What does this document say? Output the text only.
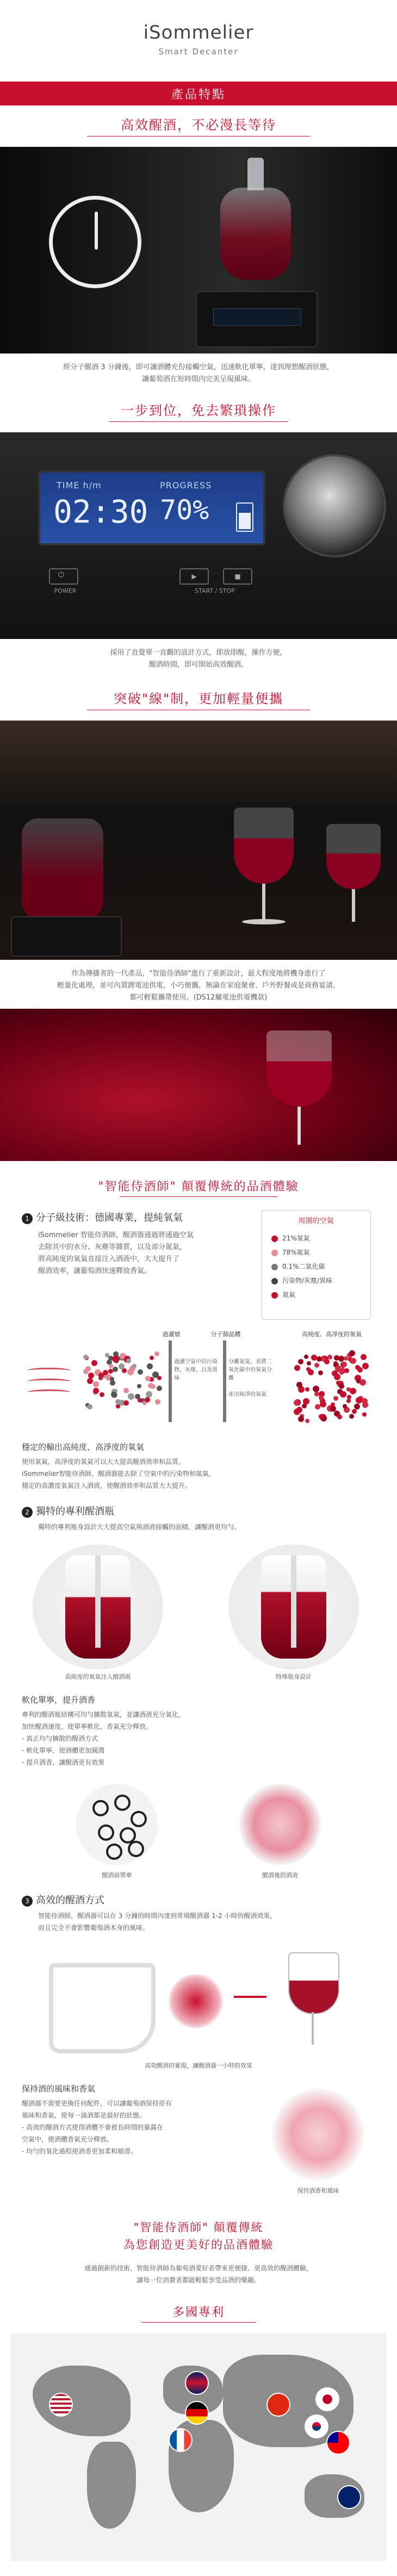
iSommelier
Smart Decanter
產品特點
高效醒酒，不必漫長等待
經分子醒酒 3 分鐘後，即可讓酒體充份接觸空氣，迅速軟化單寧，達到理想醒酒狀態，
讓葡萄酒在短時間內完美呈現風味。
一步到位，免去繁瑣操作
TIME h/m	PROGRESS
02:30 70%
⏻
POWER
▶	■
START / STOP
採用了直覺單一直觀的設計方式，即放即醒，操作方便，
醒酒時間，即可開始高效醒酒。
突破"線"制，更加輕量便攜
作為傳播者的一代產品，"智能侍酒師"進行了重新設計，最大程度地將機身進行了
輕量化處理，並可內置鋰電池供電，小巧便攜，無論在家庭聚會、戶外野餐或是商務宴請，
都可輕鬆攜帶使用。(DS12屬電池供電機款)
"智能侍酒師" 顛覆傳統的品酒體驗
1 分子級技術：德國專業，提純氧氣
iSommelier 智能侍酒師，醒酒器通過將通過空氣
去除其中的水分、灰塵等雜質，以及部分氮氣，
將高純度的氧氣直接注入酒液中，大大提升了
醒酒效率，讓葡萄酒快速釋放香氣。
周圍的空氣
21%氧氣
78%氮氣
0.1%二氧化碳
污染物/灰塵/異味
氮氣
過濾層	分子篩晶體
過濾空氣中的污染物，灰塵，以及異味
分離氮氣，並將二氧化碳中的氧氣分離
產出純淨的氧氣
高純度、高淨度的氧氣
穩定的輸出高純度、高淨度的氧氣
使用氧氣，高淨度的氧氣可以大大提高醒酒效率和品質。
iSommelier智能侍酒師，醒酒器能去除了空氣中的污染物和氮氣，
穩定的高濃度氧氣注入酒液，使醒酒效率和品質大大提升。
2 獨特的專利醒酒瓶
獨特的專利瓶身設計大大提高空氣與酒液接觸的面積，讓醒酒更均勻。
高純度的氧氣注入醒酒瓶	特殊瓶身設計
軟化單寧，提升酒香
專利的醒酒瓶結構可均勻擴散氧氣，並讓酒液充分氧化，
加快醒酒速度，使單寧軟化，香氣充分釋放。
- 真正均勻擴散的醒酒方式
- 軟化單寧，使酒體更加圓潤
- 提升酒香，讓醒酒更有效果
醒酒前單寧	醒酒後的酒液
3 高效的醒酒方式
智能侍酒師，醒酒器可以在 3 分鐘的時間內達到常規醒酒器 1-2 小時的醒酒效果，
而且完全不會影響葡萄酒本身的風味。
高效醒酒的實現，讓醒酒器一小時的效果
保持酒的風味和香氣
醒酒器不需要更換任何配件，可以讓葡萄酒保持原有
風味和香氣，使每一滴酒都是最好的狀態。
- 高效的醒酒方式使得酒體不會被長時間的暴露在
空氣中，使酒體香氣充分釋放。
- 均勻的氧化過程使酒香更加柔和順滑。
保持酒香和風味
"智能侍酒師" 顛覆傳統
為您創造更美好的品酒體驗
通過創新的技術，智能侍酒師為葡萄酒愛好者帶來更便捷、更高效的醒酒體驗，
讓每一位消費者都能輕鬆享受品酒的樂趣。
多國專利
